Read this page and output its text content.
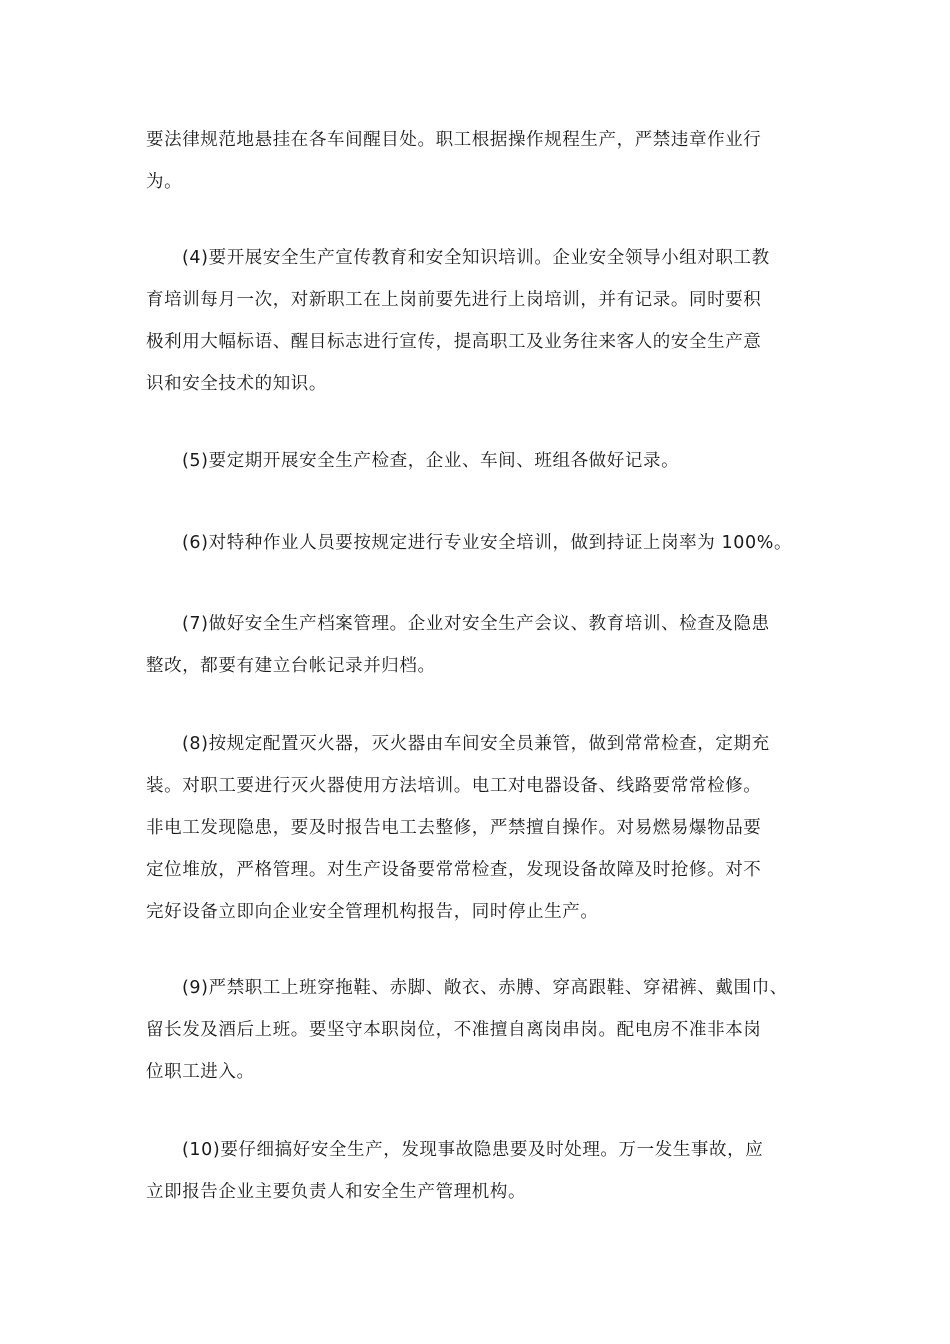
要法律规范地悬挂在各车间醒目处。职工根据操作规程生产，严禁违章作业行
为。
(4)要开展安全生产宣传教育和安全知识培训。企业安全领导小组对职工教
育培训每月一次，对新职工在上岗前要先进行上岗培训，并有记录。同时要积
极利用大幅标语、醒目标志进行宣传，提高职工及业务往来客人的安全生产意
识和安全技术的知识。
(5)要定期开展安全生产检查，企业、车间、班组各做好记录。
(6)对特种作业人员要按规定进行专业安全培训，做到持证上岗率为 100%。
(7)做好安全生产档案管理。企业对安全生产会议、教育培训、检查及隐患
整改，都要有建立台帐记录并归档。
(8)按规定配置灭火器，灭火器由车间安全员兼管，做到常常检查，定期充
装。对职工要进行灭火器使用方法培训。电工对电器设备、线路要常常检修。
非电工发现隐患，要及时报告电工去整修，严禁擅自操作。对易燃易爆物品要
定位堆放，严格管理。对生产设备要常常检查，发现设备故障及时抢修。对不
完好设备立即向企业安全管理机构报告，同时停止生产。
(9)严禁职工上班穿拖鞋、赤脚、敞衣、赤膊、穿高跟鞋、穿裙裤、戴围巾、
留长发及酒后上班。要坚守本职岗位，不准擅自离岗串岗。配电房不准非本岗
位职工进入。
(10)要仔细搞好安全生产，发现事故隐患要及时处理。万一发生事故，应
立即报告企业主要负责人和安全生产管理机构。
